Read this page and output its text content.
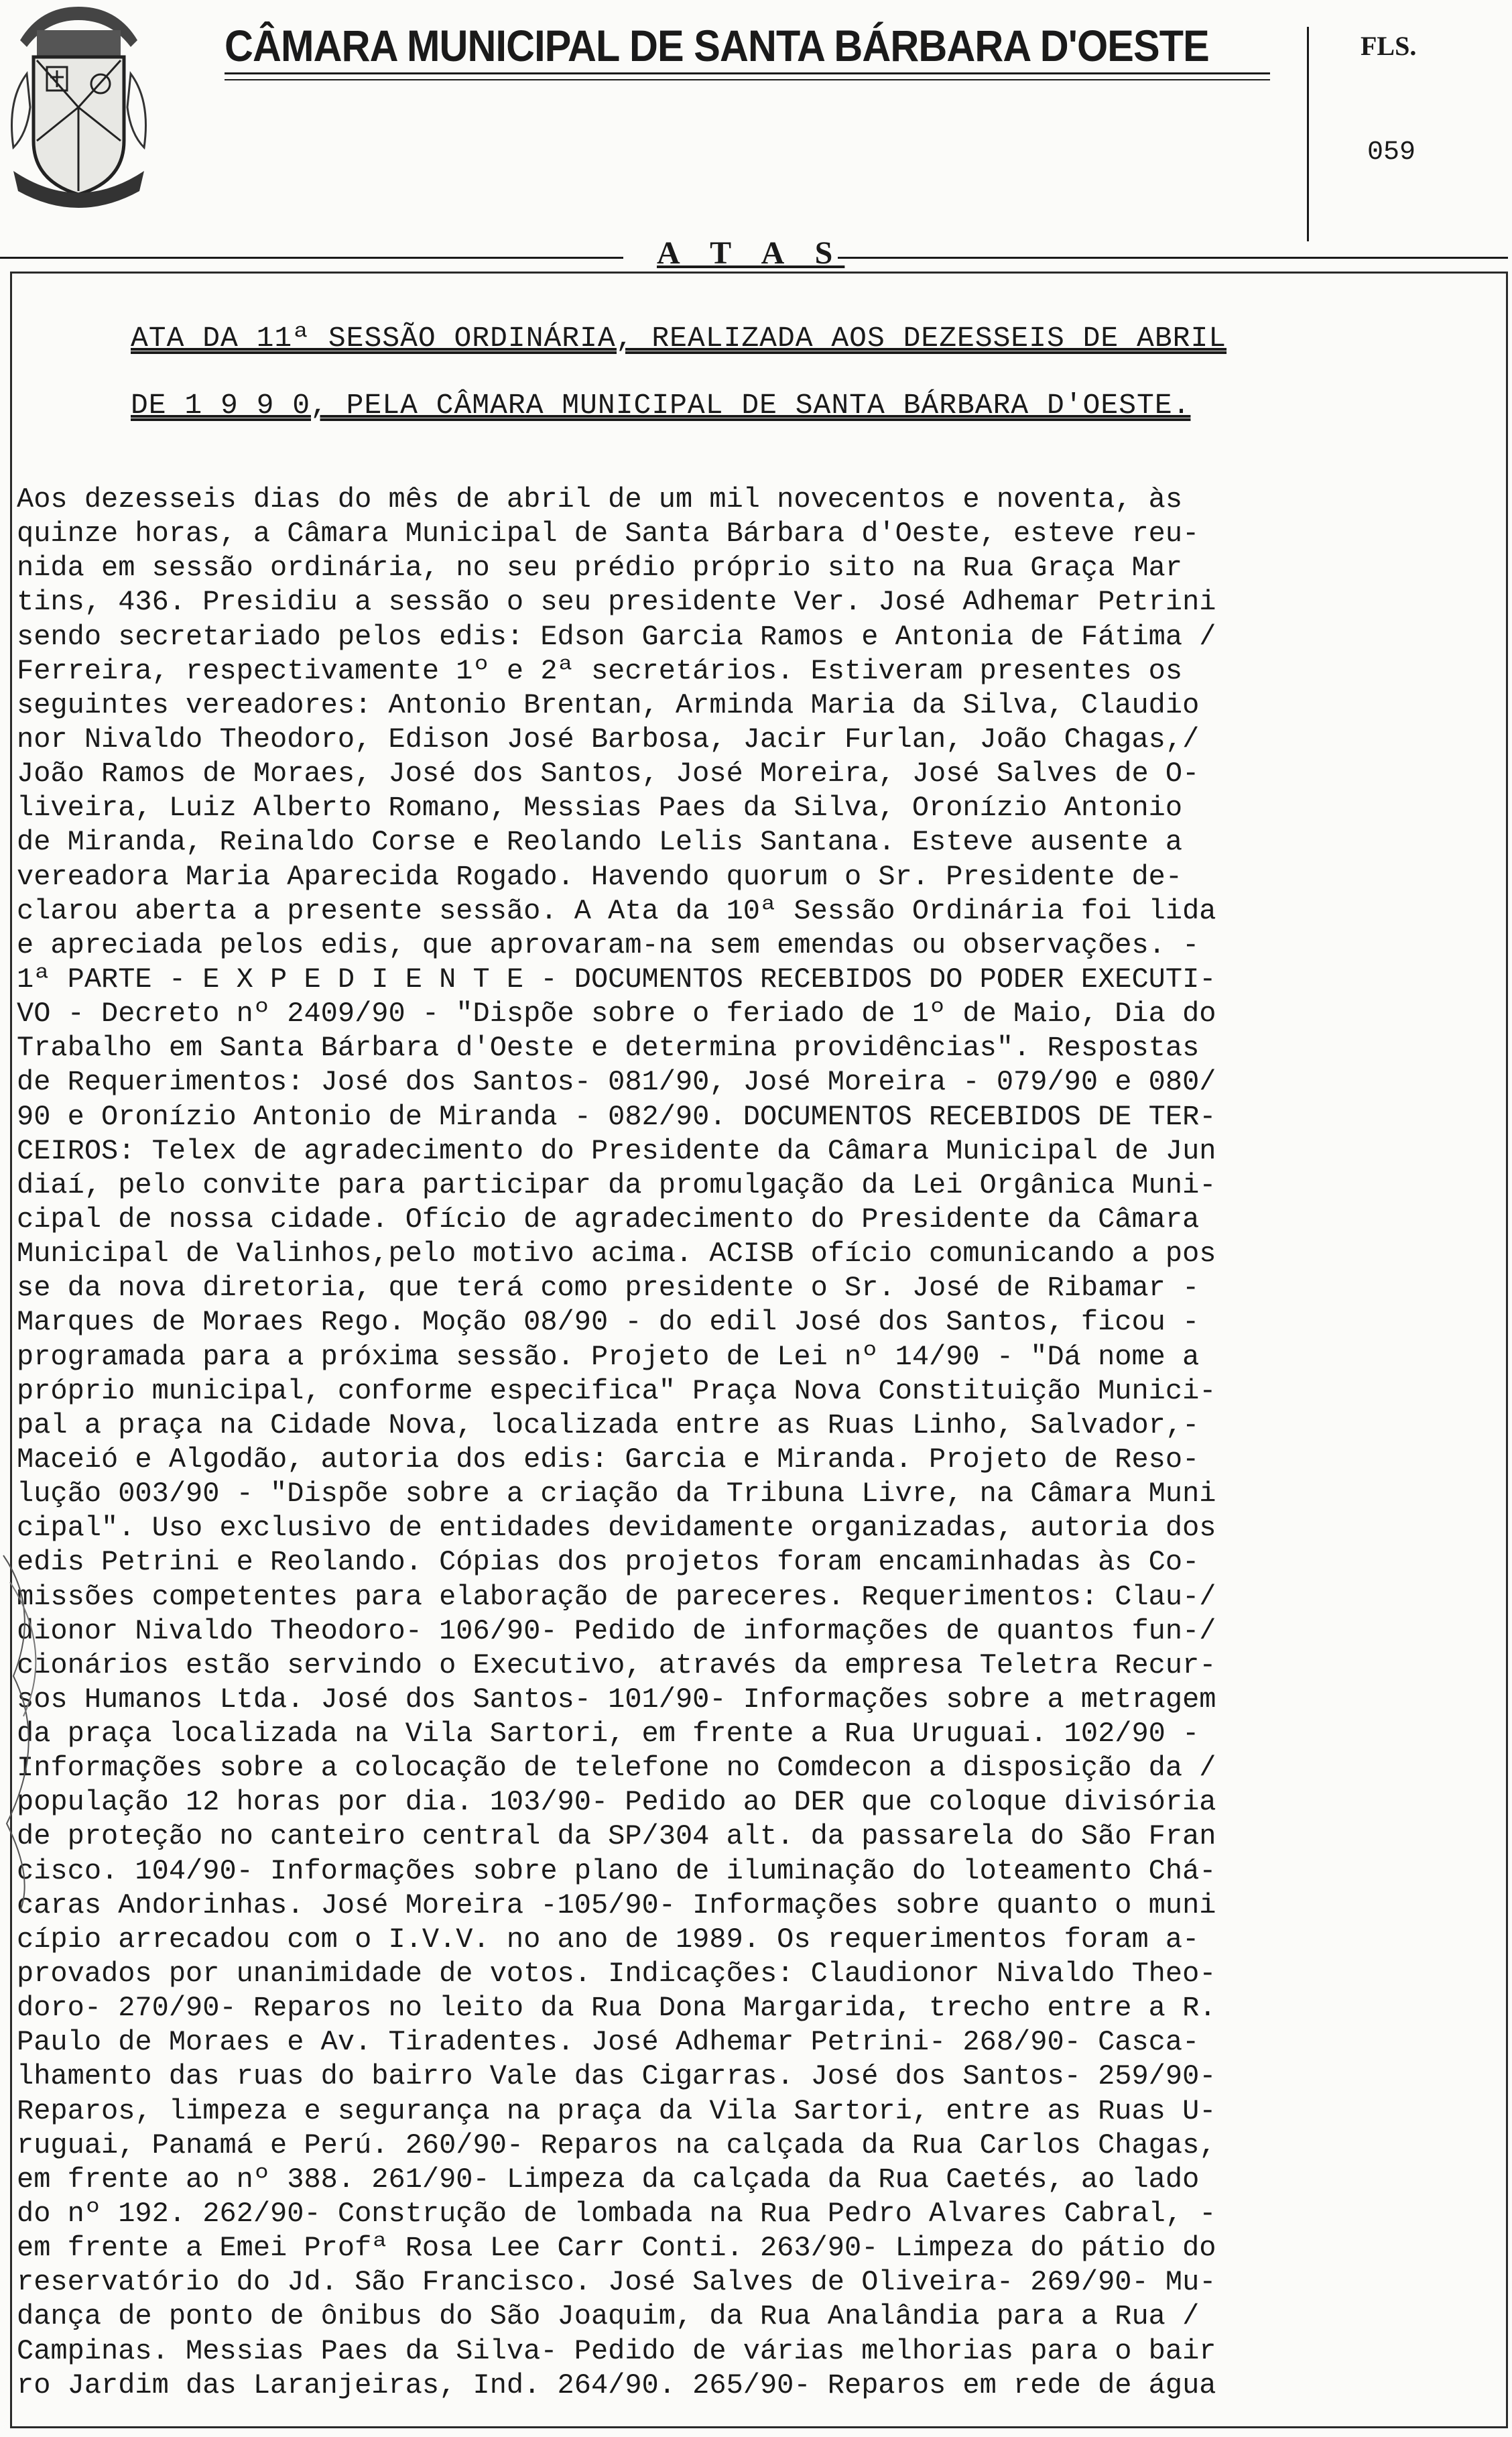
CÂMARA MUNICIPAL DE SANTA BÁRBARA D'OESTE	FLS.
059
A T A S
ATA DA 11ª SESSÃO ORDINÁRIA, REALIZADA AOS DEZESSEIS DE ABRIL
DE 1 9 9 0, PELA CÂMARA MUNICIPAL DE SANTA BÁRBARA D'OESTE.
Aos dezesseis dias do mês de abril de um mil novecentos e noventa, às
quinze horas, a Câmara Municipal de Santa Bárbara d'Oeste, esteve reu-
nida em sessão ordinária, no seu prédio próprio sito na Rua Graça Mar
tins, 436. Presidiu a sessão o seu presidente Ver. José Adhemar Petrini
sendo secretariado pelos edis: Edson Garcia Ramos e Antonia de Fátima /
Ferreira, respectivamente 1º e 2ª secretários. Estiveram presentes os
seguintes vereadores: Antonio Brentan, Arminda Maria da Silva, Claudio
nor Nivaldo Theodoro, Edison José Barbosa, Jacir Furlan, João Chagas,/
João Ramos de Moraes, José dos Santos, José Moreira, José Salves de O-
liveira, Luiz Alberto Romano, Messias Paes da Silva, Oronízio Antonio
de Miranda, Reinaldo Corse e Reolando Lelis Santana. Esteve ausente a
vereadora Maria Aparecida Rogado. Havendo quorum o Sr. Presidente de-
clarou aberta a presente sessão. A Ata da 10ª Sessão Ordinária foi lida
e apreciada pelos edis, que aprovaram-na sem emendas ou observações. -
1ª PARTE - E X P E D I E N T E - DOCUMENTOS RECEBIDOS DO PODER EXECUTI-
VO - Decreto nº 2409/90 - "Dispõe sobre o feriado de 1º de Maio, Dia do
Trabalho em Santa Bárbara d'Oeste e determina providências". Respostas
de Requerimentos: José dos Santos- 081/90, José Moreira - 079/90 e 080/
90 e Oronízio Antonio de Miranda - 082/90. DOCUMENTOS RECEBIDOS DE TER-
CEIROS: Telex de agradecimento do Presidente da Câmara Municipal de Jun
diaí, pelo convite para participar da promulgação da Lei Orgânica Muni-
cipal de nossa cidade. Ofício de agradecimento do Presidente da Câmara
Municipal de Valinhos,pelo motivo acima. ACISB ofício comunicando a pos
se da nova diretoria, que terá como presidente o Sr. José de Ribamar -
Marques de Moraes Rego. Moção 08/90 - do edil José dos Santos, ficou -
programada para a próxima sessão. Projeto de Lei nº 14/90 - "Dá nome a
próprio municipal, conforme especifica" Praça Nova Constituição Munici-
pal a praça na Cidade Nova, localizada entre as Ruas Linho, Salvador,-
Maceió e Algodão, autoria dos edis: Garcia e Miranda. Projeto de Reso-
lução 003/90 - "Dispõe sobre a criação da Tribuna Livre, na Câmara Muni
cipal". Uso exclusivo de entidades devidamente organizadas, autoria dos
edis Petrini e Reolando. Cópias dos projetos foram encaminhadas às Co-
missões competentes para elaboração de pareceres. Requerimentos: Clau-/
dionor Nivaldo Theodoro- 106/90- Pedido de informações de quantos fun-/
cionários estão servindo o Executivo, através da empresa Teletra Recur-
sos Humanos Ltda. José dos Santos- 101/90- Informações sobre a metragem
da praça localizada na Vila Sartori, em frente a Rua Uruguai. 102/90 -
Informações sobre a colocação de telefone no Comdecon a disposição da /
população 12 horas por dia. 103/90- Pedido ao DER que coloque divisória
de proteção no canteiro central da SP/304 alt. da passarela do São Fran
cisco. 104/90- Informações sobre plano de iluminação do loteamento Chá-
caras Andorinhas. José Moreira -105/90- Informações sobre quanto o muni
cípio arrecadou com o I.V.V. no ano de 1989. Os requerimentos foram a-
provados por unanimidade de votos. Indicações: Claudionor Nivaldo Theo-
doro- 270/90- Reparos no leito da Rua Dona Margarida, trecho entre a R.
Paulo de Moraes e Av. Tiradentes. José Adhemar Petrini- 268/90- Casca-
lhamento das ruas do bairro Vale das Cigarras. José dos Santos- 259/90-
Reparos, limpeza e segurança na praça da Vila Sartori, entre as Ruas U-
ruguai, Panamá e Perú. 260/90- Reparos na calçada da Rua Carlos Chagas,
em frente ao nº 388. 261/90- Limpeza da calçada da Rua Caetés, ao lado
do nº 192. 262/90- Construção de lombada na Rua Pedro Alvares Cabral, -
em frente a Emei Profª Rosa Lee Carr Conti. 263/90- Limpeza do pátio do
reservatório do Jd. São Francisco. José Salves de Oliveira- 269/90- Mu-
dança de ponto de ônibus do São Joaquim, da Rua Analândia para a Rua /
Campinas. Messias Paes da Silva- Pedido de várias melhorias para o bair
ro Jardim das Laranjeiras, Ind. 264/90. 265/90- Reparos em rede de água
